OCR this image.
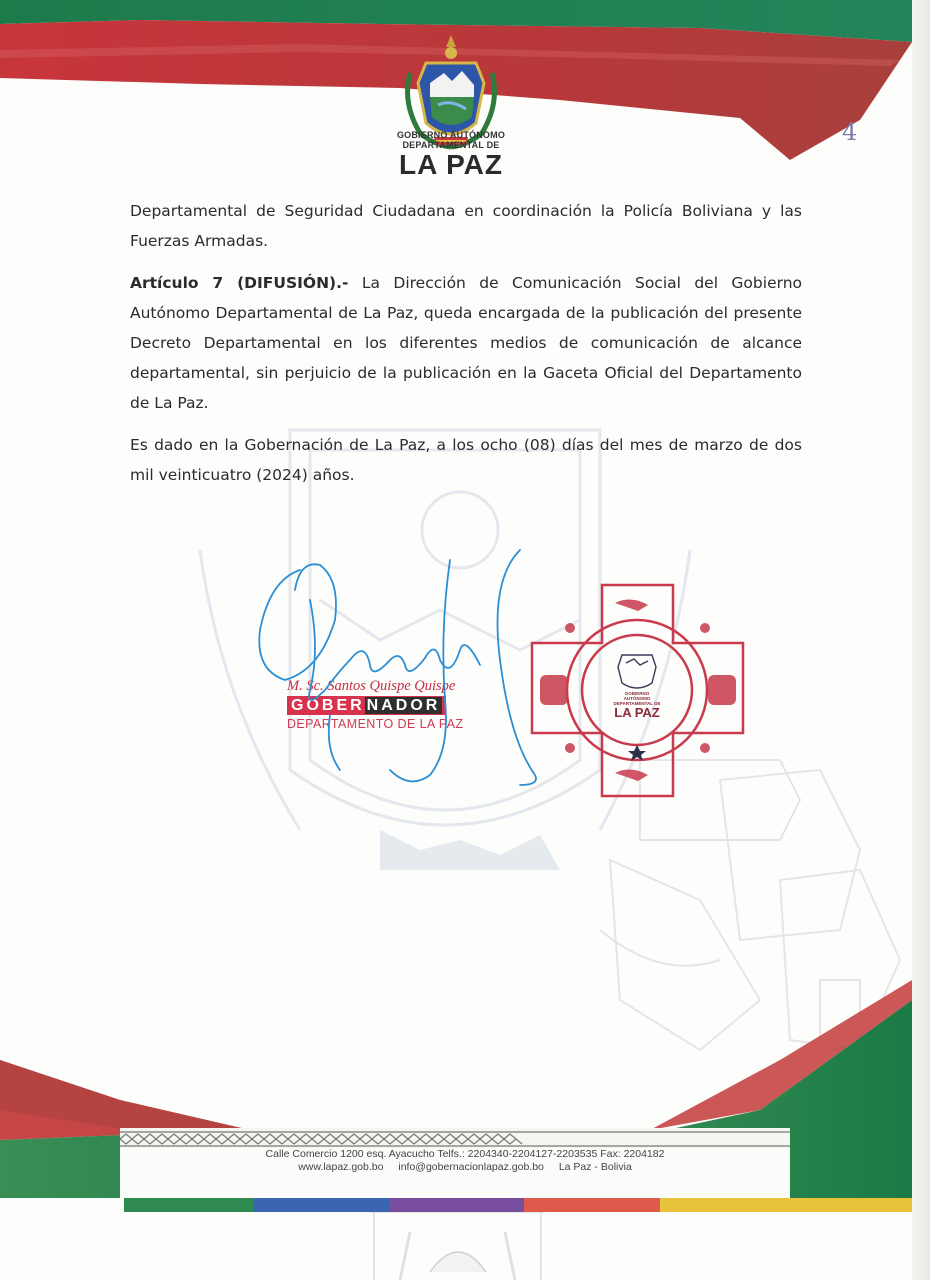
GOBIERNO AUTÓNOMO
DEPARTAMENTAL DE
LA PAZ
4

Departamental de Seguridad Ciudadana en coordinación la Policía Boliviana y las Fuerzas Armadas.

Artículo 7 (DIFUSIÓN).- La Dirección de Comunicación Social del Gobierno Autónomo Departamental de La Paz, queda encargada de la publicación del presente Decreto Departamental en los diferentes medios de comunicación de alcance departamental, sin perjuicio de la publicación en la Gaceta Oficial del Departamento de La Paz.

Es dado en la Gobernación de La Paz, a los ocho (08) días del mes de marzo de dos mil veinticuatro (2024) años.

M. Sc. Santos Quispe Quispe
GOBER NADOR
DEPARTAMENTO DE LA PAZ
GOBIERNO AUTÓNOMO
DEPARTAMENTAL DE
LA PAZ
Calle Comercio 1200 esq. Ayacucho Telfs.: 2204340-2204127-2203535 Fax: 2204182
www.lapaz.gob.bo info@gobernacionlapaz.gob.bo La Paz - Bolivia
